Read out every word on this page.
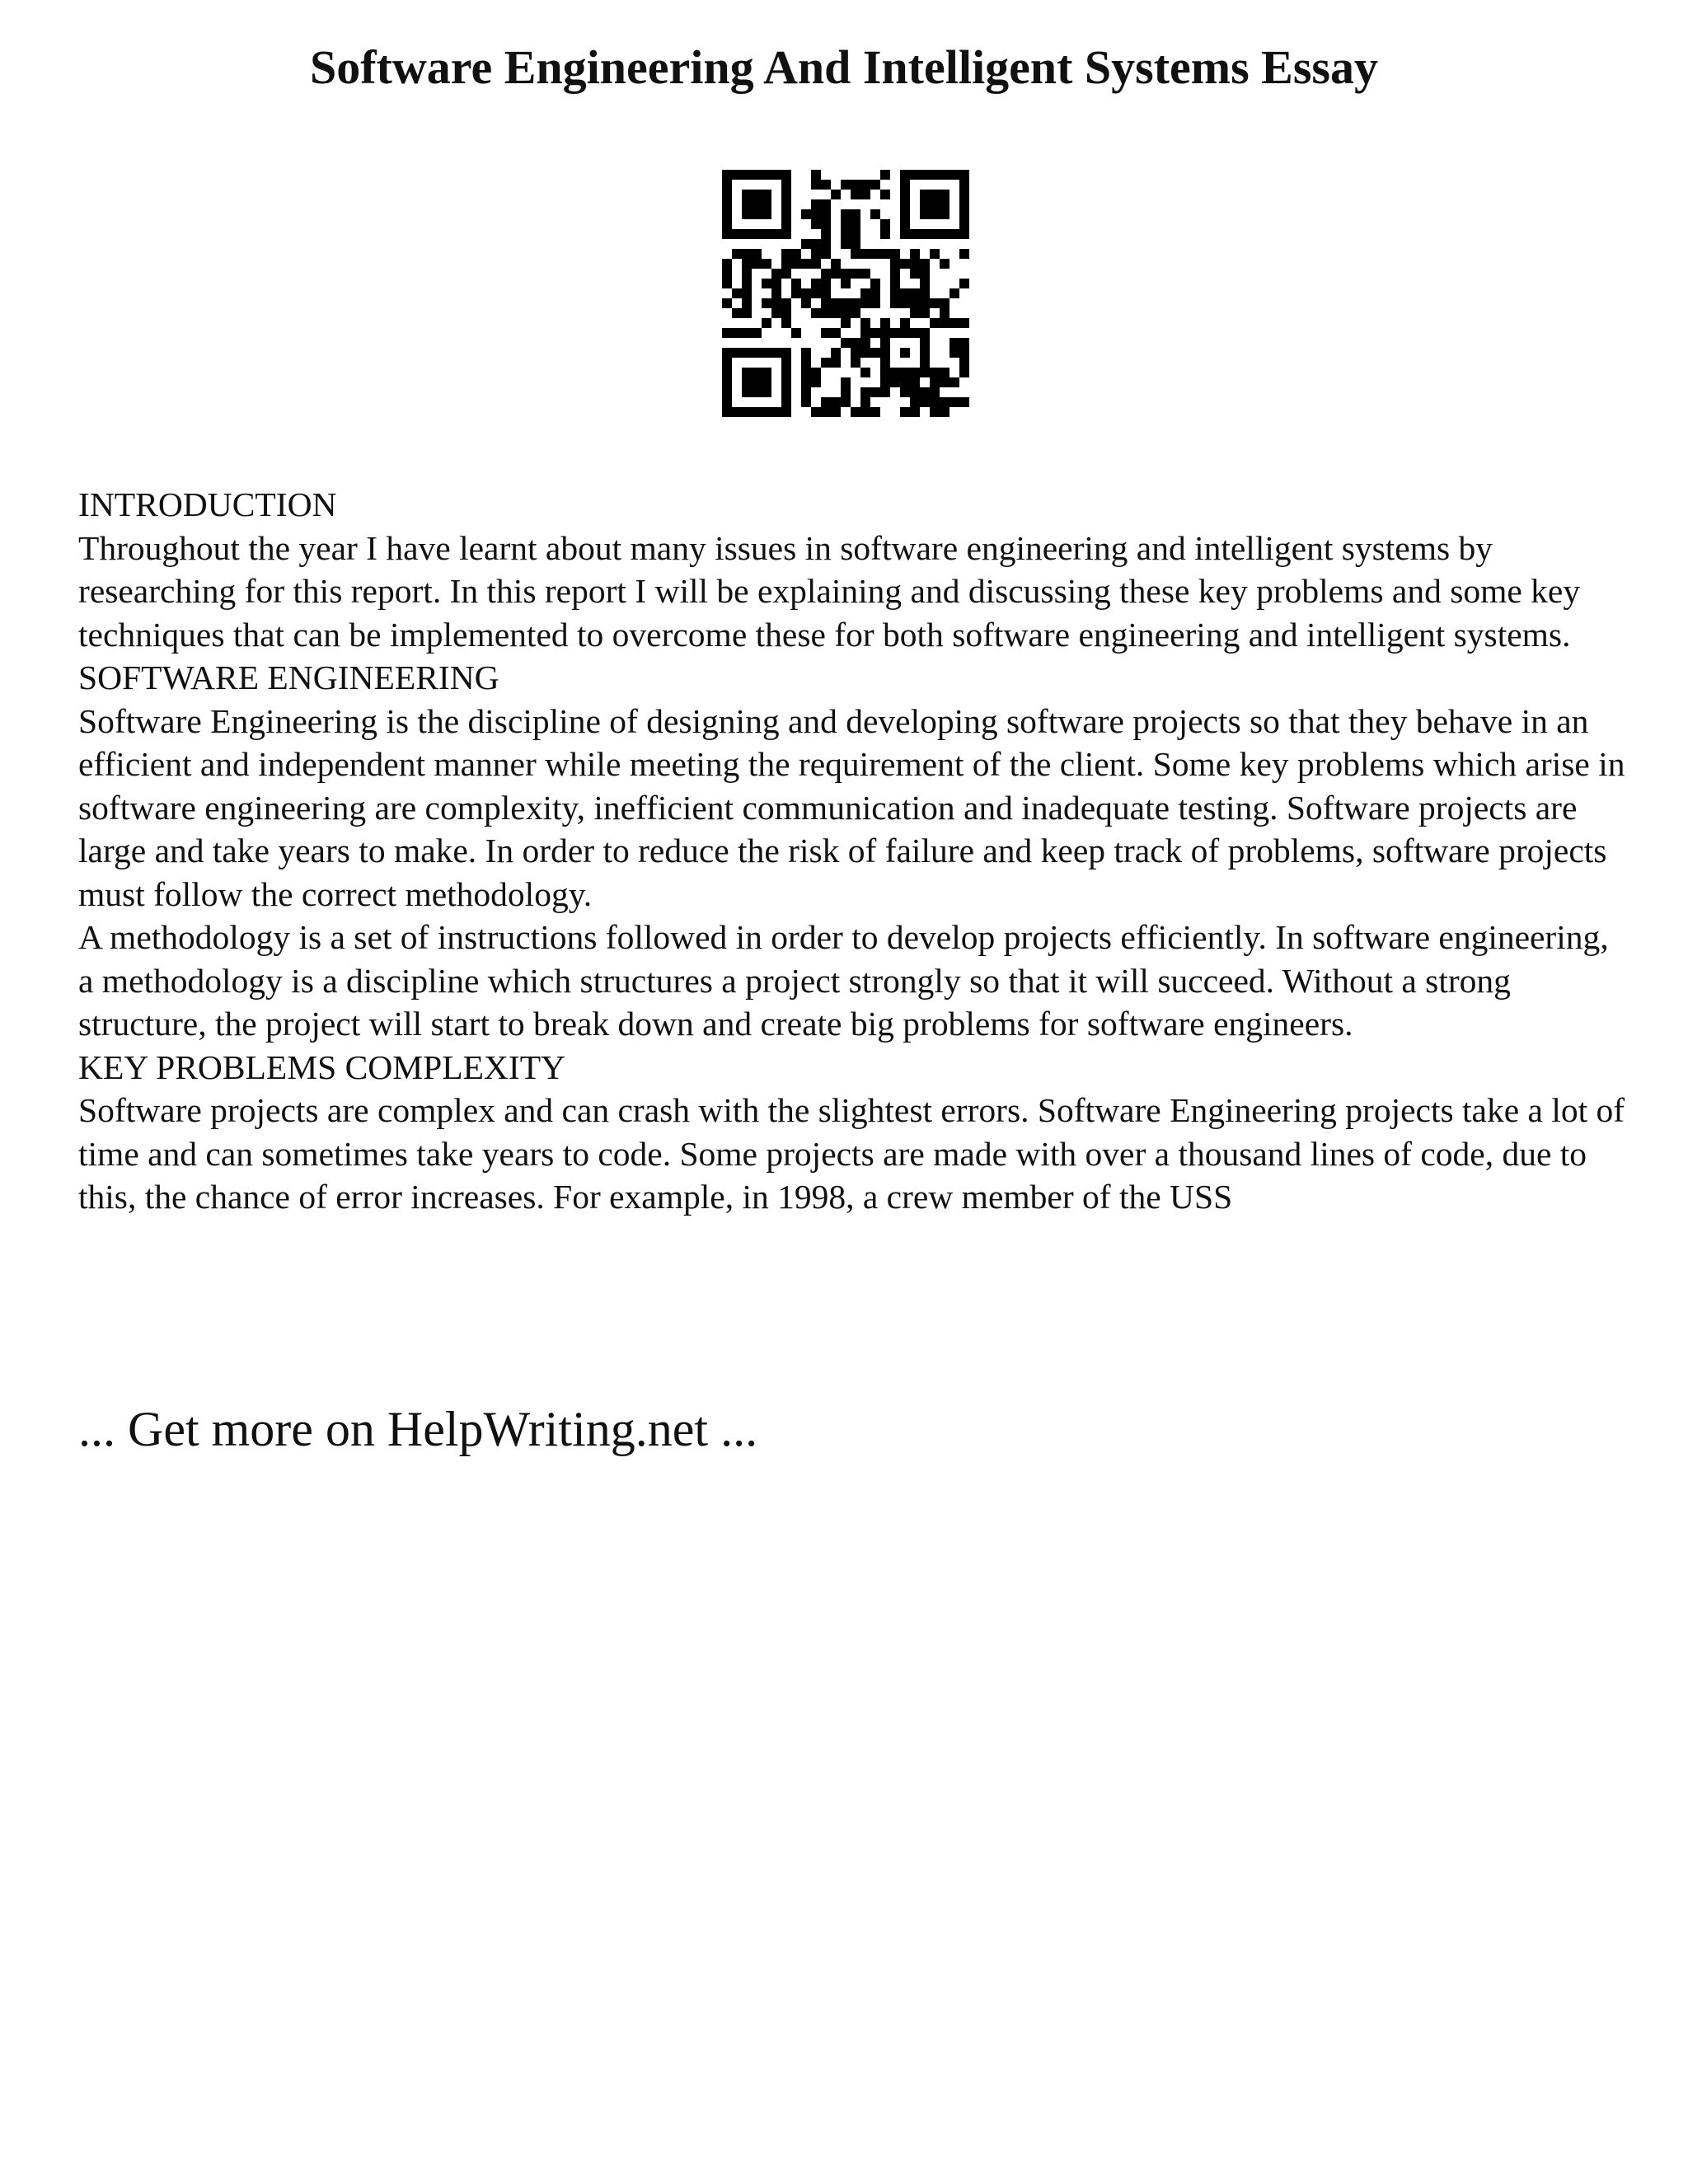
Software Engineering And Intelligent Systems Essay

INTRODUCTION

Throughout the year I have learnt about many issues in software engineering and intelligent systems by researching for this report. In this report I will be explaining and discussing these key problems and some key techniques that can be implemented to overcome these for both software engineering and intelligent systems.

SOFTWARE ENGINEERING

Software Engineering is the discipline of designing and developing software projects so that they behave in an efficient and independent manner while meeting the requirement of the client. Some key problems which arise in software engineering are complexity, inefficient communication and inadequate testing. Software projects are large and take years to make. In order to reduce the risk of failure and keep track of problems, software projects must follow the correct methodology.

A methodology is a set of instructions followed in order to develop projects efficiently. In software engineering, a methodology is a discipline which structures a project strongly so that it will succeed. Without a strong structure, the project will start to break down and create big problems for software engineers.

KEY PROBLEMS COMPLEXITY

Software projects are complex and can crash with the slightest errors. Software Engineering projects take a lot of time and can sometimes take years to code. Some projects are made with over a thousand lines of code, due to this, the chance of error increases. For example, in 1998, a crew member of the USS

... Get more on HelpWriting.net ...
